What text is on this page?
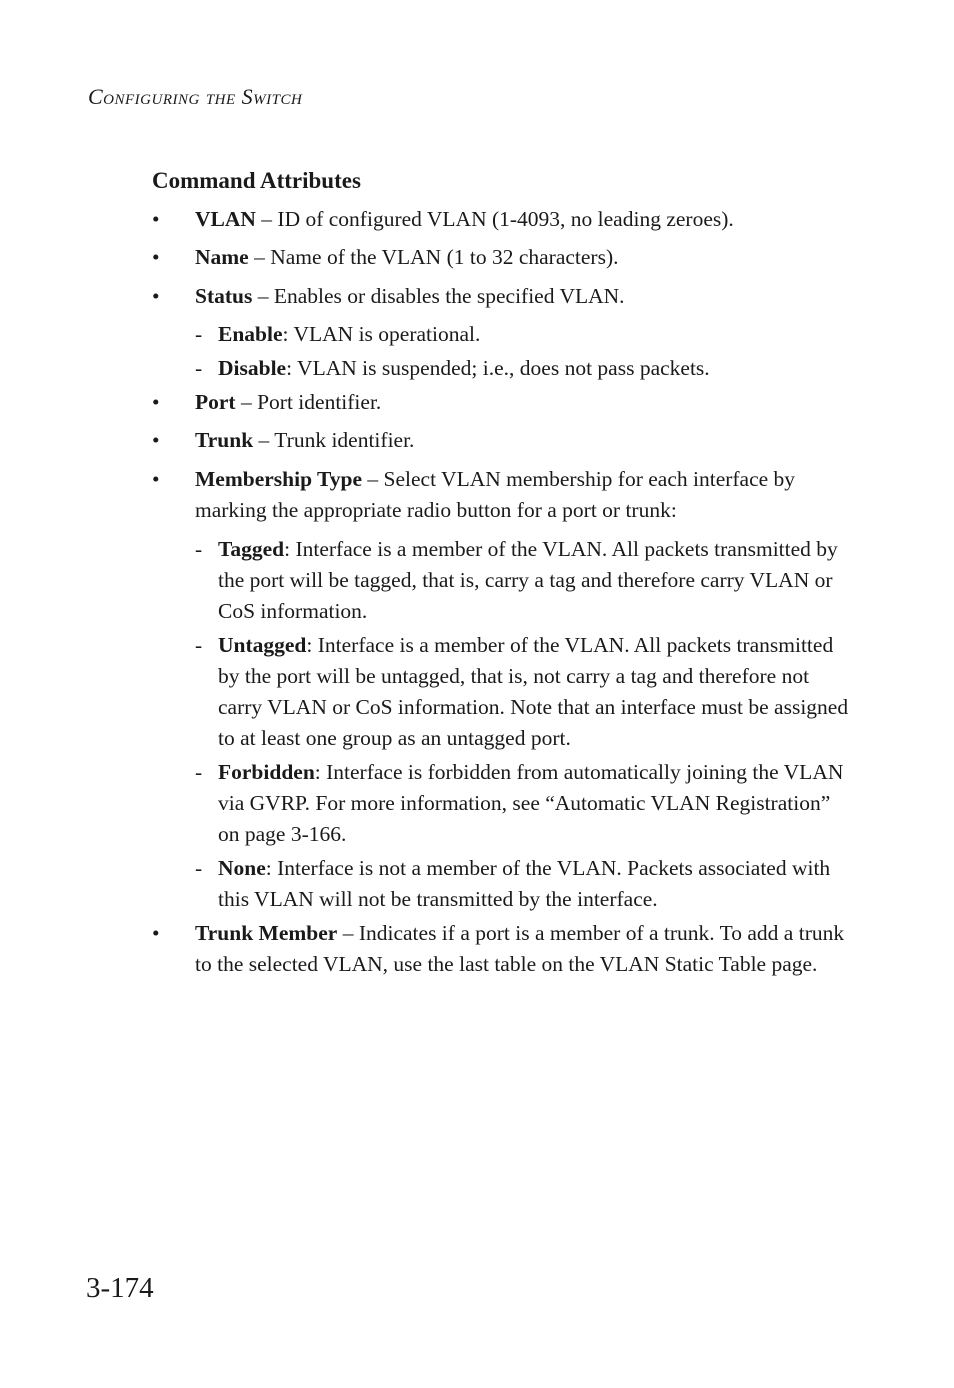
Configuring the Switch
Command Attributes
•	VLAN – ID of configured VLAN (1-4093, no leading zeroes).
•	Name – Name of the VLAN (1 to 32 characters).
•	Status – Enables or disables the specified VLAN.
- Enable: VLAN is operational.
- Disable: VLAN is suspended; i.e., does not pass packets.
•	Port – Port identifier.
•	Trunk – Trunk identifier.
•	Membership Type – Select VLAN membership for each interface by marking the appropriate radio button for a port or trunk:
- Tagged: Interface is a member of the VLAN. All packets transmitted by the port will be tagged, that is, carry a tag and therefore carry VLAN or CoS information.
- Untagged: Interface is a member of the VLAN. All packets transmitted by the port will be untagged, that is, not carry a tag and therefore not carry VLAN or CoS information. Note that an interface must be assigned to at least one group as an untagged port.
- Forbidden: Interface is forbidden from automatically joining the VLAN via GVRP. For more information, see “Automatic VLAN Registration” on page 3-166.
- None: Interface is not a member of the VLAN. Packets associated with this VLAN will not be transmitted by the interface.
•	Trunk Member – Indicates if a port is a member of a trunk. To add a trunk to the selected VLAN, use the last table on the VLAN Static Table page.
3-174
